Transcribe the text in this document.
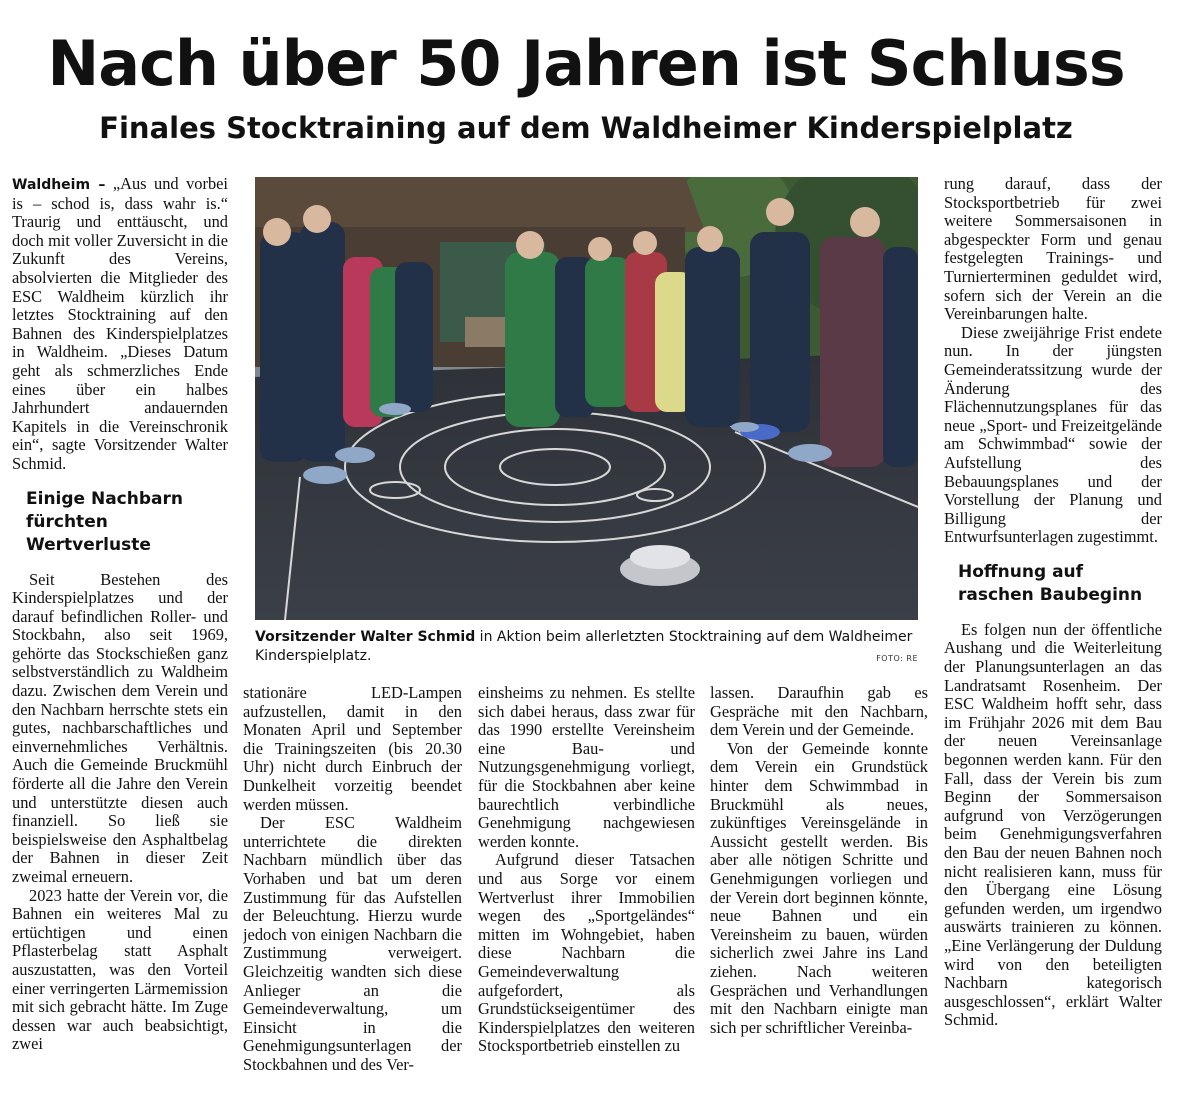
Nach über 50 Jahren ist Schluss
Finales Stocktraining auf dem Waldheimer Kinderspielplatz

Waldheim – „Aus und vorbei is – schod is, dass wahr is.“ Traurig und enttäuscht, und doch mit voller Zuversicht in die Zukunft des Vereins, absolvierten die Mitglieder des ESC Waldheim kürzlich ihr letztes Stocktraining auf den Bahnen des Kinderspielplatzes in Waldheim. „Dieses Datum geht als schmerzliches Ende eines über ein halbes Jahrhundert andauernden Kapitels in die Vereinschronik ein“, sagte Vorsitzender Walter Schmid.

Einige Nachbarn fürchten Wertverluste

Seit Bestehen des Kinderspielplatzes und der darauf befindlichen Roller- und Stockbahn, also seit 1969, gehörte das Stockschießen ganz selbstverständlich zu Waldheim dazu. Zwischen dem Verein und den Nachbarn herrschte stets ein gutes, nachbarschaftliches und einvernehmliches Verhältnis. Auch die Gemeinde Bruckmühl förderte all die Jahre den Verein und unterstützte diesen auch finanziell. So ließ sie beispielsweise den Asphaltbelag der Bahnen in dieser Zeit zweimal erneuern.

2023 hatte der Verein vor, die Bahnen ein weiteres Mal zu ertüchtigen und einen Pflasterbelag statt Asphalt auszustatten, was den Vorteil einer verringerten Lärmemission mit sich gebracht hätte. Im Zuge dessen war auch beabsichtigt, zwei

Vorsitzender Walter Schmid in Aktion beim allerletzten Stocktraining auf dem Waldheimer Kinderspielplatz.	FOTO: RE

stationäre LED-Lampen aufzustellen, damit in den Monaten April und September die Trainingszeiten (bis 20.30 Uhr) nicht durch Einbruch der Dunkelheit vorzeitig beendet werden müssen.

Der ESC Waldheim unterrichtete die direkten Nachbarn mündlich über das Vorhaben und bat um deren Zustimmung für das Aufstellen der Beleuchtung. Hierzu wurde jedoch von einigen Nachbarn die Zustimmung verweigert. Gleichzeitig wandten sich diese Anlieger an die Gemeindeverwaltung, um Einsicht in die Genehmigungsunterlagen der Stockbahnen und des Ver-

einsheims zu nehmen. Es stellte sich dabei heraus, dass zwar für das 1990 erstellte Vereinsheim eine Bau- und Nutzungsgenehmigung vorliegt, für die Stockbahnen aber keine baurechtlich verbindliche Genehmigung nachgewiesen werden konnte.

Aufgrund dieser Tatsachen und aus Sorge vor einem Wertverlust ihrer Immobilien wegen des „Sportgeländes“ mitten im Wohngebiet, haben diese Nachbarn die Gemeindeverwaltung aufgefordert, als Grundstückseigentümer des Kinderspielplatzes den weiteren Stocksportbetrieb einstellen zu

lassen. Daraufhin gab es Gespräche mit den Nachbarn, dem Verein und der Gemeinde.

Von der Gemeinde konnte dem Verein ein Grundstück hinter dem Schwimmbad in Bruckmühl als neues, zukünftiges Vereinsgelände in Aussicht gestellt werden. Bis aber alle nötigen Schritte und Genehmigungen vorliegen und der Verein dort beginnen könnte, neue Bahnen und ein Vereinsheim zu bauen, würden sicherlich zwei Jahre ins Land ziehen. Nach weiteren Gesprächen und Verhandlungen mit den Nachbarn einigte man sich per schriftlicher Vereinba-

rung darauf, dass der Stocksportbetrieb für zwei weitere Sommersaisonen in abgespeckter Form und genau festgelegten Trainings- und Turnierterminen geduldet wird, sofern sich der Verein an die Vereinbarungen halte.

Diese zweijährige Frist endete nun. In der jüngsten Gemeinderatssitzung wurde der Änderung des Flächennutzungsplanes für das neue „Sport- und Freizeitgelände am Schwimmbad“ sowie der Aufstellung des Bebauungsplanes und der Vorstellung der Planung und Billigung der Entwurfsunterlagen zugestimmt.

Hoffnung auf raschen Baubeginn

Es folgen nun der öffentliche Aushang und die Weiterleitung der Planungsunterlagen an das Landratsamt Rosenheim. Der ESC Waldheim hofft sehr, dass im Frühjahr 2026 mit dem Bau der neuen Vereinsanlage begonnen werden kann. Für den Fall, dass der Verein bis zum Beginn der Sommersaison aufgrund von Verzögerungen beim Genehmigungsverfahren den Bau der neuen Bahnen noch nicht realisieren kann, muss für den Übergang eine Lösung gefunden werden, um irgendwo auswärts trainieren zu können. „Eine Verlängerung der Duldung wird von den beteiligten Nachbarn kategorisch ausgeschlossen“, erklärt Walter Schmid.
